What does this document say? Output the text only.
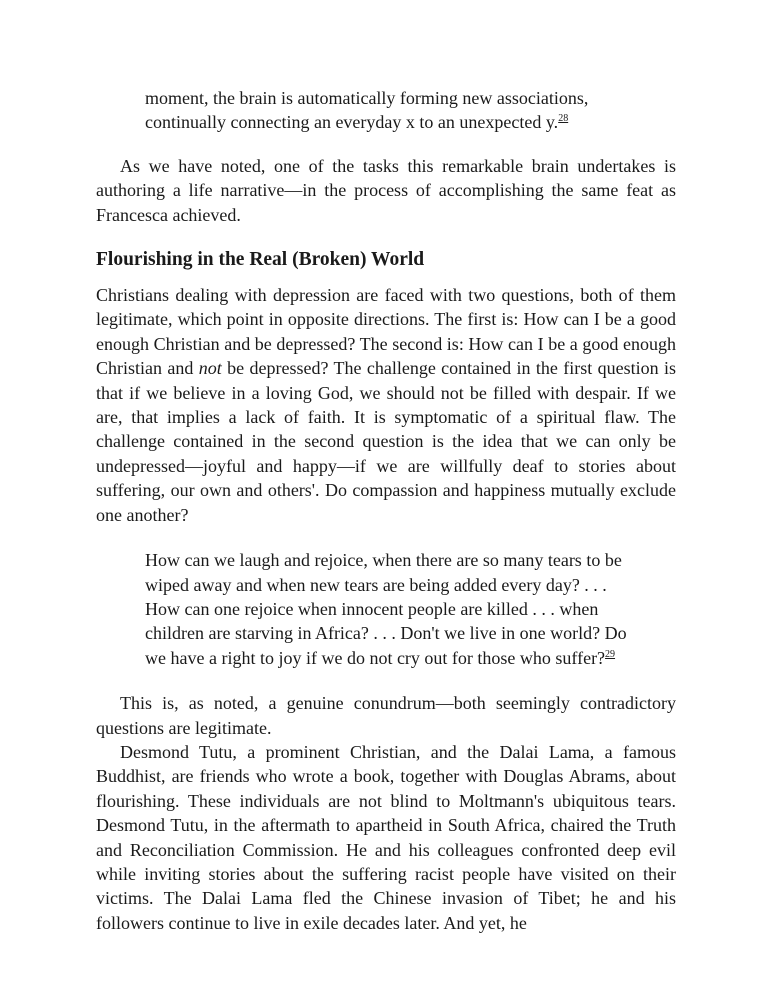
moment, the brain is automatically forming new associations, continually connecting an everyday x to an unexpected y.$^{28}$

As we have noted, one of the tasks this remarkable brain undertakes is authoring a life narrative—in the process of accomplishing the same feat as Francesca achieved.

Flourishing in the Real (Broken) World

Christians dealing with depression are faced with two questions, both of them legitimate, which point in opposite directions. The first is: How can I be a good enough Christian and be depressed? The second is: How can I be a good enough Christian and not be depressed? The challenge contained in the first question is that if we believe in a loving God, we should not be filled with despair. If we are, that implies a lack of faith. It is symptomatic of a spiritual flaw. The challenge contained in the second question is the idea that we can only be undepressed—joyful and happy—if we are willfully deaf to stories about suffering, our own and others'. Do compassion and happiness mutually exclude one another?

How can we laugh and rejoice, when there are so many tears to be wiped away and when new tears are being added every day? . . . How can one rejoice when innocent people are killed . . . when children are starving in Africa? . . . Don't we live in one world? Do we have a right to joy if we do not cry out for those who suffer?$^{29}$

This is, as noted, a genuine conundrum—both seemingly contradictory questions are legitimate.

Desmond Tutu, a prominent Christian, and the Dalai Lama, a famous Buddhist, are friends who wrote a book, together with Douglas Abrams, about flourishing. These individuals are not blind to Moltmann's ubiquitous tears. Desmond Tutu, in the aftermath to apartheid in South Africa, chaired the Truth and Reconciliation Commission. He and his colleagues confronted deep evil while inviting stories about the suffering racist people have visited on their victims. The Dalai Lama fled the Chinese invasion of Tibet; he and his followers continue to live in exile decades later. And yet, he
